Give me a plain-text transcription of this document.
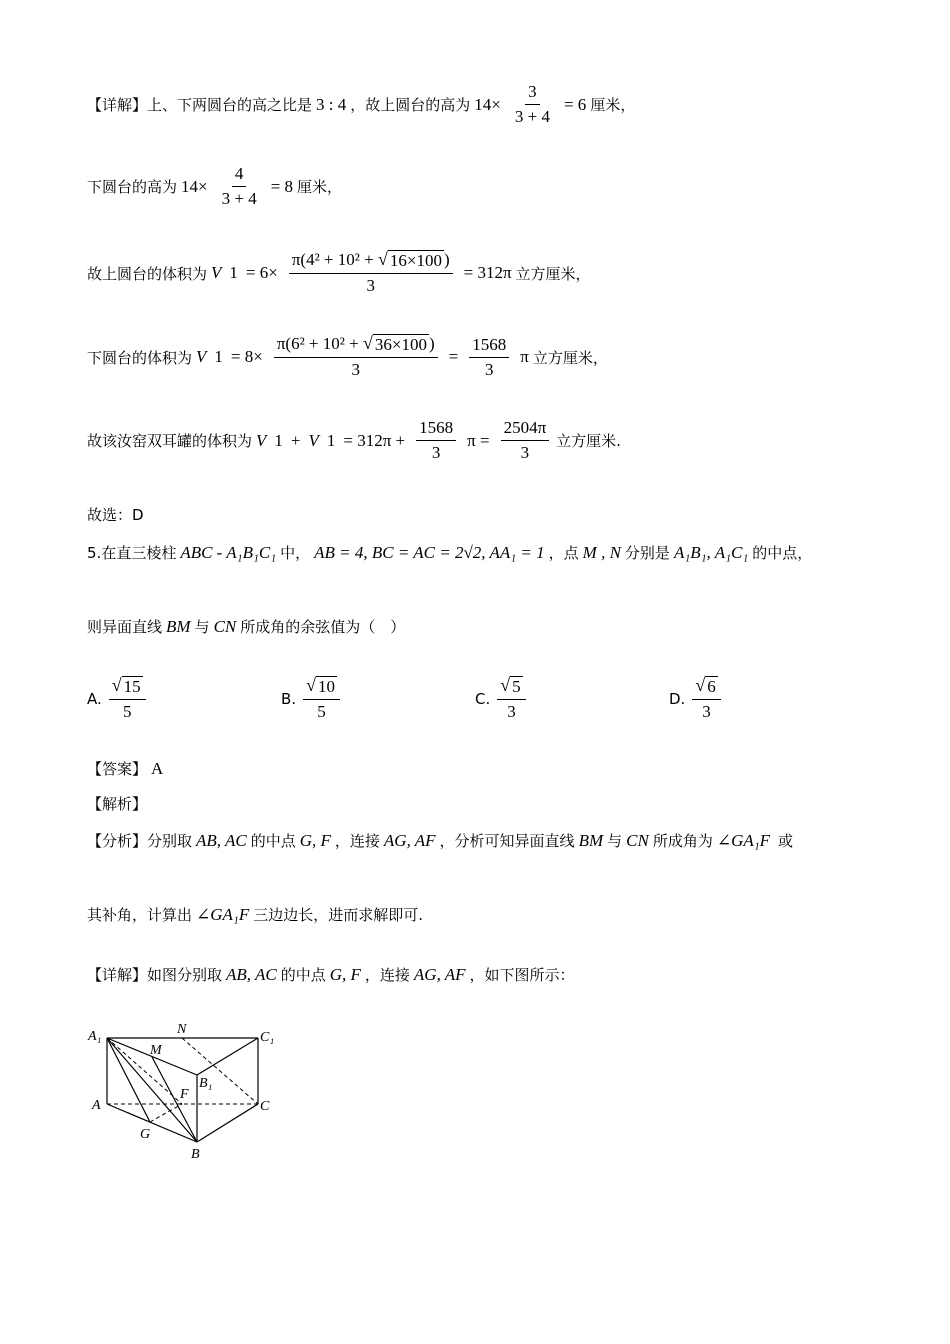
【详解】 上、下两圆台的高之比是 3 : 4 ，故上圆台的高为 $14\times \frac{3}{3 + 4} = 6$ 厘米，
下圆台的高为 $14\times \frac{4}{3 + 4} = 8$ 厘米，
故上圆台的体积为 V $1 = 6\times \frac{\text{π(4² + 10² + √ 16×100 )}}{3} = 312\pi$ 立方厘米，
下圆台的体积为 V $1 = 8\times \frac{\text{π(6² + 10² + √ 36×100 )}}{3} = \frac{1568}{3}$ π 立方厘米，
故该汝窑双耳罐的体积为 V 1 + V $1 = 312\pi + \frac{1568}{3}$ $\pi = \frac{2504\pi}{3}$ 立方厘米.
故选：D
5. 在直三棱柱 ABC - A₁B₁C₁ 中， AB = 4, BC = AC = 2√2, AA₁ = 1 ，点 M , N 分别是 A₁B₁, A₁C₁ 的中点，
则异面直线 BM 与 CN 所成角的余弦值为（　）
A. $\frac{√ 15}{5}$	B. $\frac{√ 10}{5}$	C. $\frac{√ 5}{3}$	D. $\frac{√ 6}{3}$
【答案】 A
【解析】
【分析】 分别取 AB, AC 的中点 G, F ，连接 AG, AF ，分析可知异面直线 BM 与 CN 所成角为 ∠GA₁F 或
其补角，计算出 ∠GA₁F 三边边长，进而求解即可.
【详解】 如图分别取 AB, AC 的中点 G, F ，连接 AG, AF ，如下图所示：
A₁	N
C₁
M
B₁
F
A	C
G
B
